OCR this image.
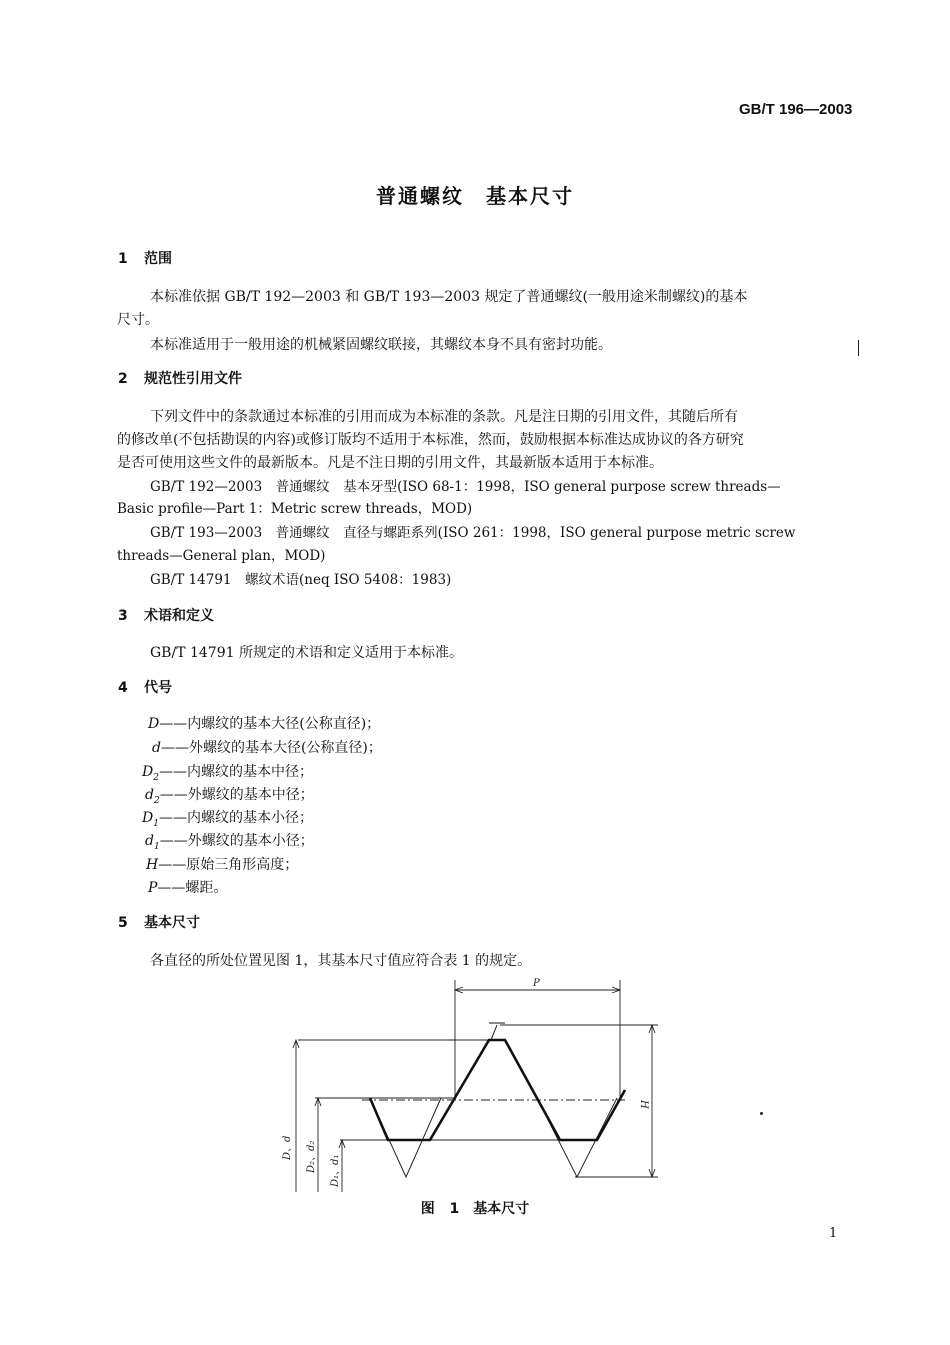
GB/T 196—2003
普通螺纹　基本尺寸
1 范围
本标准依据 GB/T 192—2003 和 GB/T 193—2003 规定了普通螺纹(一般用途米制螺纹)的基本
尺寸。
本标准适用于一般用途的机械紧固螺纹联接，其螺纹本身不具有密封功能。
2 规范性引用文件
下列文件中的条款通过本标准的引用而成为本标准的条款。凡是注日期的引用文件，其随后所有
的修改单(不包括勘误的内容)或修订版均不适用于本标准，然而，鼓励根据本标准达成协议的各方研究
是否可使用这些文件的最新版本。凡是不注日期的引用文件，其最新版本适用于本标准。
GB/T 192—2003　普通螺纹　基本牙型(ISO 68-1：1998，ISO general purpose screw threads—
Basic profile—Part 1：Metric screw threads，MOD)
GB/T 193—2003　普通螺纹　直径与螺距系列(ISO 261：1998，ISO general purpose metric screw
threads—General plan，MOD)
GB/T 14791　螺纹术语(neq ISO 5408：1983)
3 术语和定义
GB/T 14791 所规定的术语和定义适用于本标准。
4 代号
D——内螺纹的基本大径(公称直径)；
d——外螺纹的基本大径(公称直径)；
$D_2——$内螺纹的基本中径；
$d_2——$外螺纹的基本中径；
$D_1——$内螺纹的基本小径；
$d_1——$外螺纹的基本小径；
H——原始三角形高度；
P——螺距。
5 基本尺寸
各直径的所处位置见图 1，其基本尺寸值应符合表 1 的规定。
P
H
D、d D₂、d₂ D₁、d₁
图 1　基本尺寸
1
